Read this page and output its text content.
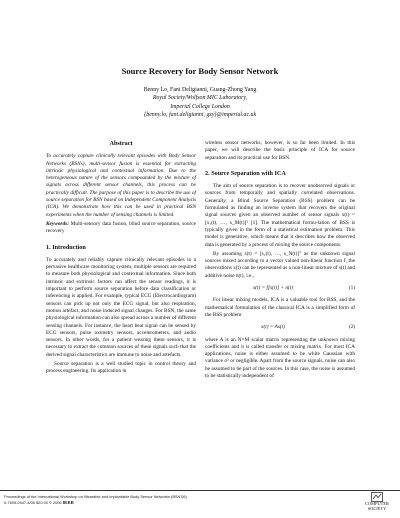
Source Recovery for Body Sensor Network
Benny Lo, Fani Deligianni, Guang-Zhong Yang
Royal Society/Wolfson MIC Laboratory,
Imperial College London
{benny.lo, fani.deligianni, gzy}@imperial.ac.uk
Abstract

To accurately capture clinically relevant episodes with Body Sensor Networks (BSNs), multi-sensor fusion is essential for extracting intrinsic physiological and contextual information. Due to the heterogeneous nature of the sensors compounded by the mixture of signals across different sensor channels, this process can be practically difficult. The purpose of this paper is to describe the use of source separation for BSN based on Independent Component Analysis (ICA). We demonstrate how this can be used in practical BSN experiments when the number of sensing channels is limited.

Keywords: Multi-sensory data fusion, blind source separation, source recovery

1. Introduction

To accurately and reliably capture clinically relevant episodes in a pervasive healthcare monitoring system, multiple sensors are required to measure both physiological and contextual information. Since both intrinsic and extrinsic factors can affect the sensor readings, it is important to perform source separation before data classification or inferencing is applied. For example, typical ECG (Electrocardiogram) sensors can pick up not only the ECG signal, but also respiration, motion artefact, and noise induced signal changes. For BSN, the same physiological information can also spread across a number of different sensing channels. For instance, the heart beat signal can be sensed by ECG sensors, pulse oximetry sensors, accelerometers, and audio sensors. In other words, for a patient wearing these sensors, it is necessary to extract the common sources of these signals such that the derived signal characteristics are immune to noise and artefacts.

Source separation is a well studied topic in control theory and process engineering. Its application in

wireless sensor networks, however, is so far been limited. In this paper, we will describe the basic principle of ICA for source separation and its practical use for BSN.

2. Source Separation with ICA

The aim of source separation is to recover unobserved signals or sources from temporally and spatially correlated observations. Generally, a Blind Source Separation (BSS) problem can be formulated as finding an inverse system that recovers the original signal sources given an observed number of sensor signals x(t) = [x₁(t), …, x_M(t)]ᵀ [1]. The mathematical formu-lation of BSS is typically given in the form of a statistical estimation problem. This model is generative, which means that it describes how the observed data is generated by a process of mixing the source components.

By assuming s(t) = [s₁(t), …, s_N(t)]ᵀ as the unknown signal sources mixed according to a vector valued non-linear function f, the observations x(t) can be represented as a non-linear mixture of s(t) and additive noise n(t), i.e.,

x(t) = f[s(t)] + n(t)	(1)

For linear mixing models, ICA is a valuable tool for BSS, and the mathematical formulation of the classical ICA is a simplified form of the BSS problem

x(t) = As(t)	(2)

where A is an N×M scalar matrix representing the unknown mixing coefficients and it is called transfer or mixing matrix. For most ICA applications, noise is either assumed to be white Gaussian with variance σ² or negligible. Apart from the source signals, noise can also be assumed to be part of the sources. In this case, the noise is assumed to be statistically independent of

Proceedings of the International Workshop on Wearable and Implantable Body Sensor Networks (BSN'06)
0-7695-2547-4/06 $20.00 © 2006 IEEE	COMPUTER
SOCIETY
